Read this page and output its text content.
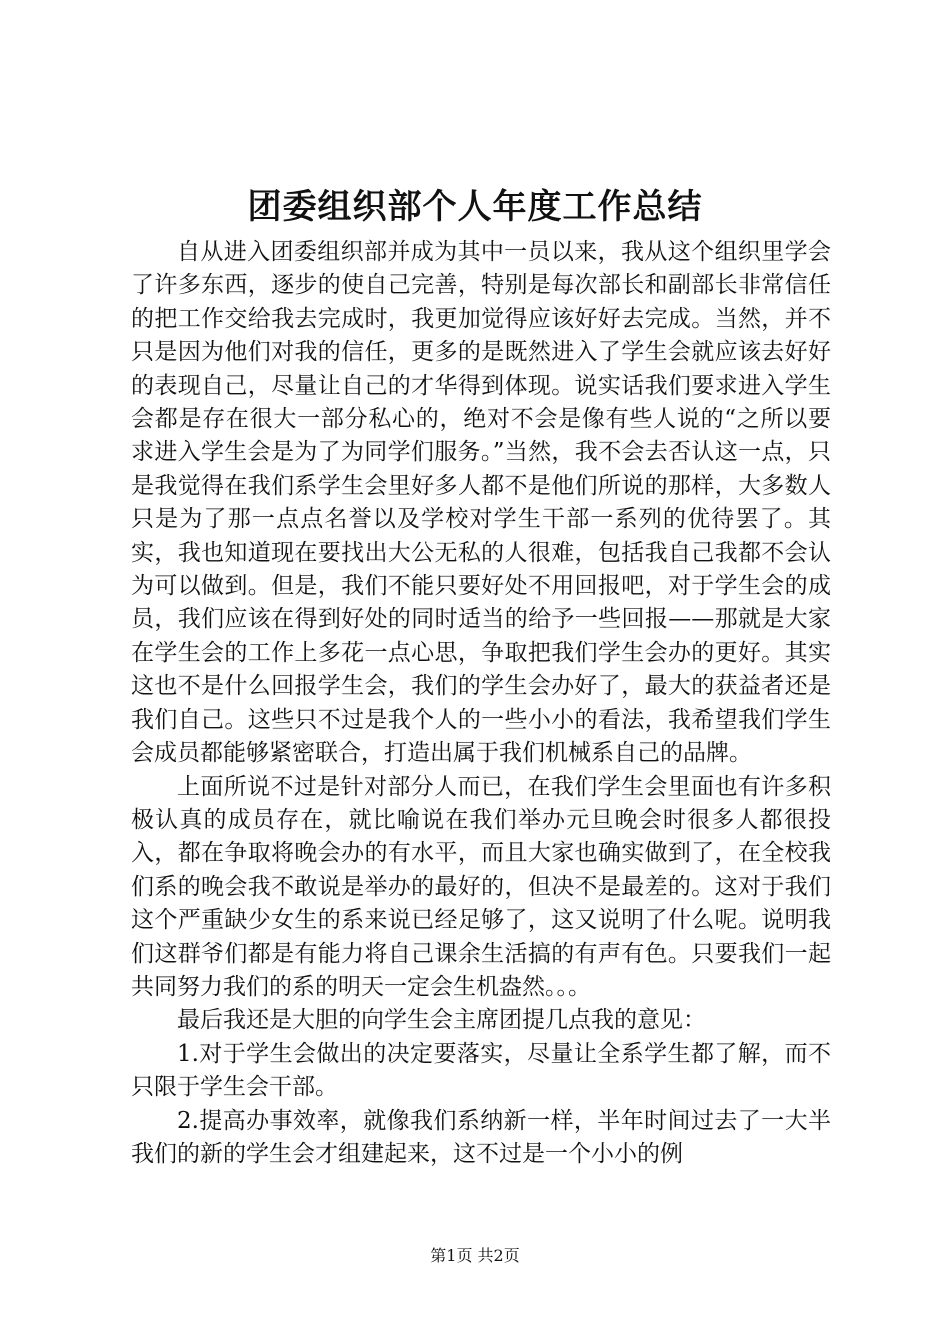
团委组织部个人年度工作总结

自从进入团委组织部并成为其中一员以来，我从这个组织里学会了许多东西，逐步的使自己完善，特别是每次部长和副部长非常信任的把工作交给我去完成时，我更加觉得应该好好去完成。当然，并不只是因为他们对我的信任，更多的是既然进入了学生会就应该去好好的表现自己，尽量让自己的才华得到体现。说实话我们要求进入学生会都是存在很大一部分私心的，绝对不会是像有些人说的“之所以要求进入学生会是为了为同学们服务。”当然，我不会去否认这一点，只是我觉得在我们系学生会里好多人都不是他们所说的那样，大多数人只是为了那一点点名誉以及学校对学生干部一系列的优待罢了。其实，我也知道现在要找出大公无私的人很难，包括我自己我都不会认为可以做到。但是，我们不能只要好处不用回报吧，对于学生会的成员，我们应该在得到好处的同时适当的给予一些回报——那就是大家在学生会的工作上多花一点心思，争取把我们学生会办的更好。其实这也不是什么回报学生会，我们的学生会办好了，最大的获益者还是我们自己。这些只不过是我个人的一些小小的看法，我希望我们学生会成员都能够紧密联合，打造出属于我们机械系自己的品牌。

上面所说不过是针对部分人而已，在我们学生会里面也有许多积极认真的成员存在，就比喻说在我们举办元旦晚会时很多人都很投入，都在争取将晚会办的有水平，而且大家也确实做到了，在全校我们系的晚会我不敢说是举办的最好的，但决不是最差的。这对于我们这个严重缺少女生的系来说已经足够了，这又说明了什么呢。说明我们这群爷们都是有能力将自己课余生活搞的有声有色。只要我们一起共同努力我们的系的明天一定会生机盎然。。。

最后我还是大胆的向学生会主席团提几点我的意见：

1.对于学生会做出的决定要落实，尽量让全系学生都了解，而不只限于学生会干部。

2.提高办事效率，就像我们系纳新一样，半年时间过去了一大半我们的新的学生会才组建起来，这不过是一个小小的例

第1页 共2页
